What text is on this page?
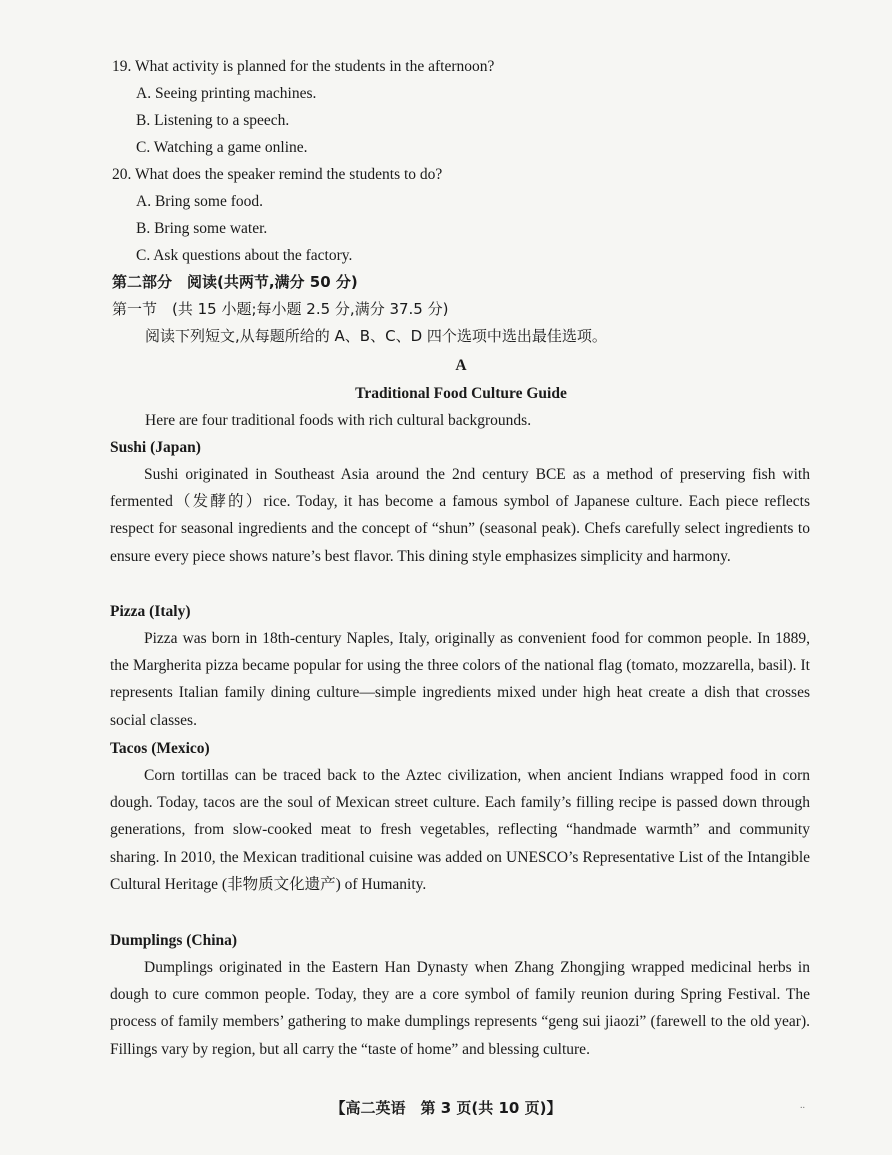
19. What activity is planned for the students in the afternoon?
A. Seeing printing machines.
B. Listening to a speech.
C. Watching a game online.
20. What does the speaker remind the students to do?
A. Bring some food.
B. Bring some water.
C. Ask questions about the factory.
第二部分　阅读(共两节,满分 50 分)
第一节　(共 15 小题;每小题 2.5 分,满分 37.5 分)
阅读下列短文,从每题所给的 A、B、C、D 四个选项中选出最佳选项。
A
Traditional Food Culture Guide
Here are four traditional foods with rich cultural backgrounds.
Sushi (Japan)
Sushi originated in Southeast Asia around the 2nd century BCE as a method of preserving fish with fermented（发酵的）rice. Today, it has become a famous symbol of Japanese culture. Each piece reflects respect for seasonal ingredients and the concept of “shun” (seasonal peak). Chefs carefully select ingredients to ensure every piece shows nature’s best flavor. This dining style emphasizes simplicity and harmony.
Pizza (Italy)
Pizza was born in 18th-century Naples, Italy, originally as convenient food for common people. In 1889, the Margherita pizza became popular for using the three colors of the national flag (tomato, mozzarella, basil). It represents Italian family dining culture—simple ingredients mixed under high heat create a dish that crosses social classes.
Tacos (Mexico)
Corn tortillas can be traced back to the Aztec civilization, when ancient Indians wrapped food in corn dough. Today, tacos are the soul of Mexican street culture. Each family’s filling recipe is passed down through generations, from slow-cooked meat to fresh vegetables, reflecting “handmade warmth” and community sharing. In 2010, the Mexican traditional cuisine was added on UNESCO’s Representative List of the Intangible Cultural Heritage (非物质文化遗产) of Humanity.
Dumplings (China)
Dumplings originated in the Eastern Han Dynasty when Zhang Zhongjing wrapped medicinal herbs in dough to cure common people. Today, they are a core symbol of family reunion during Spring Festival. The process of family members’ gathering to make dumplings represents “geng sui jiaozi” (farewell to the old year). Fillings vary by region, but all carry the “taste of home” and blessing culture.
【高二英语　第 3 页(共 10 页)】	..
